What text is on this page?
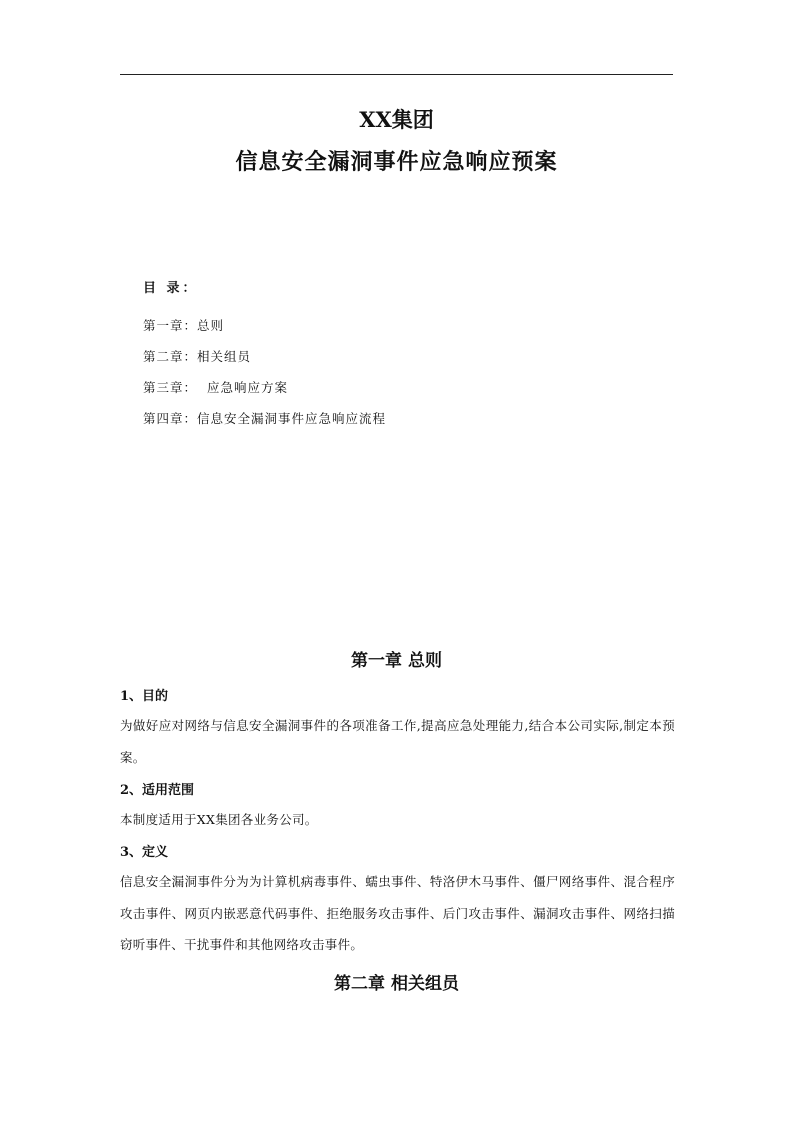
XX集团
信息安全漏洞事件应急响应预案
目 录：
第一章：总则
第二章：相关组员
第三章：  应急响应方案
第四章：信息安全漏洞事件应急响应流程
第一章 总则
1、目的
为做好应对网络与信息安全漏洞事件的各项准备工作,提高应急处理能力,结合本公司实际,制定本预案。
2、适用范围
本制度适用于XX集团各业务公司。
3、定义
信息安全漏洞事件分为为计算机病毒事件、蠕虫事件、特洛伊木马事件、僵尸网络事件、混合程序攻击事件、网页内嵌恶意代码事件、拒绝服务攻击事件、后门攻击事件、漏洞攻击事件、网络扫描窃听事件、干扰事件和其他网络攻击事件。
第二章 相关组员
